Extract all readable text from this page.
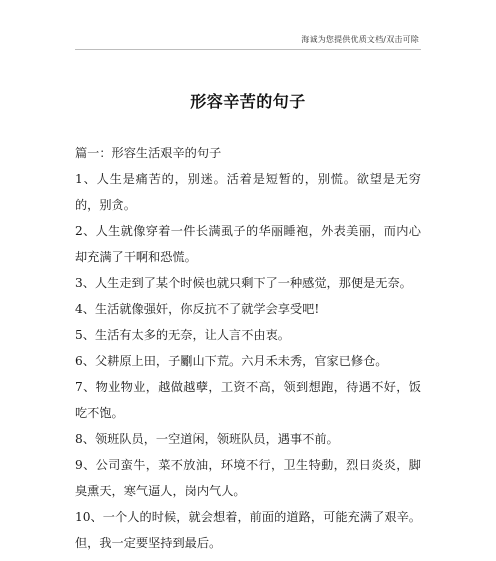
海诚为您提供优质文档/双击可除
形容辛苦的句子

篇一：形容生活艰辛的句子

1、人生是痛苦的，别迷。活着是短暂的，别慌。欲望是无穷的，别贪。

2、人生就像穿着一件长满虱子的华丽睡袍，外表美丽，而内心却充满了干啊和恐慌。

3、人生走到了某个时候也就只剩下了一种感觉，那便是无奈。

4、生活就像强奸，你反抗不了就学会享受吧!

5、生活有太多的无奈，让人言不由衷。

6、父耕原上田，子劚山下荒。六月禾未秀，官家已修仓。

7、物业物业，越做越孽，工资不高，领到想跑，待遇不好，饭吃不饱。

8、领班队员，一空道闲，领班队员，遇事不前。

9、公司蛮牛，菜不放油，环境不行，卫生特動，烈日炎炎，脚臭熏天，寒气逼人，岗内气人。

10、一个人的时候，就会想着，前面的道路，可能充满了艰辛。但，我一定要坚持到最后。
